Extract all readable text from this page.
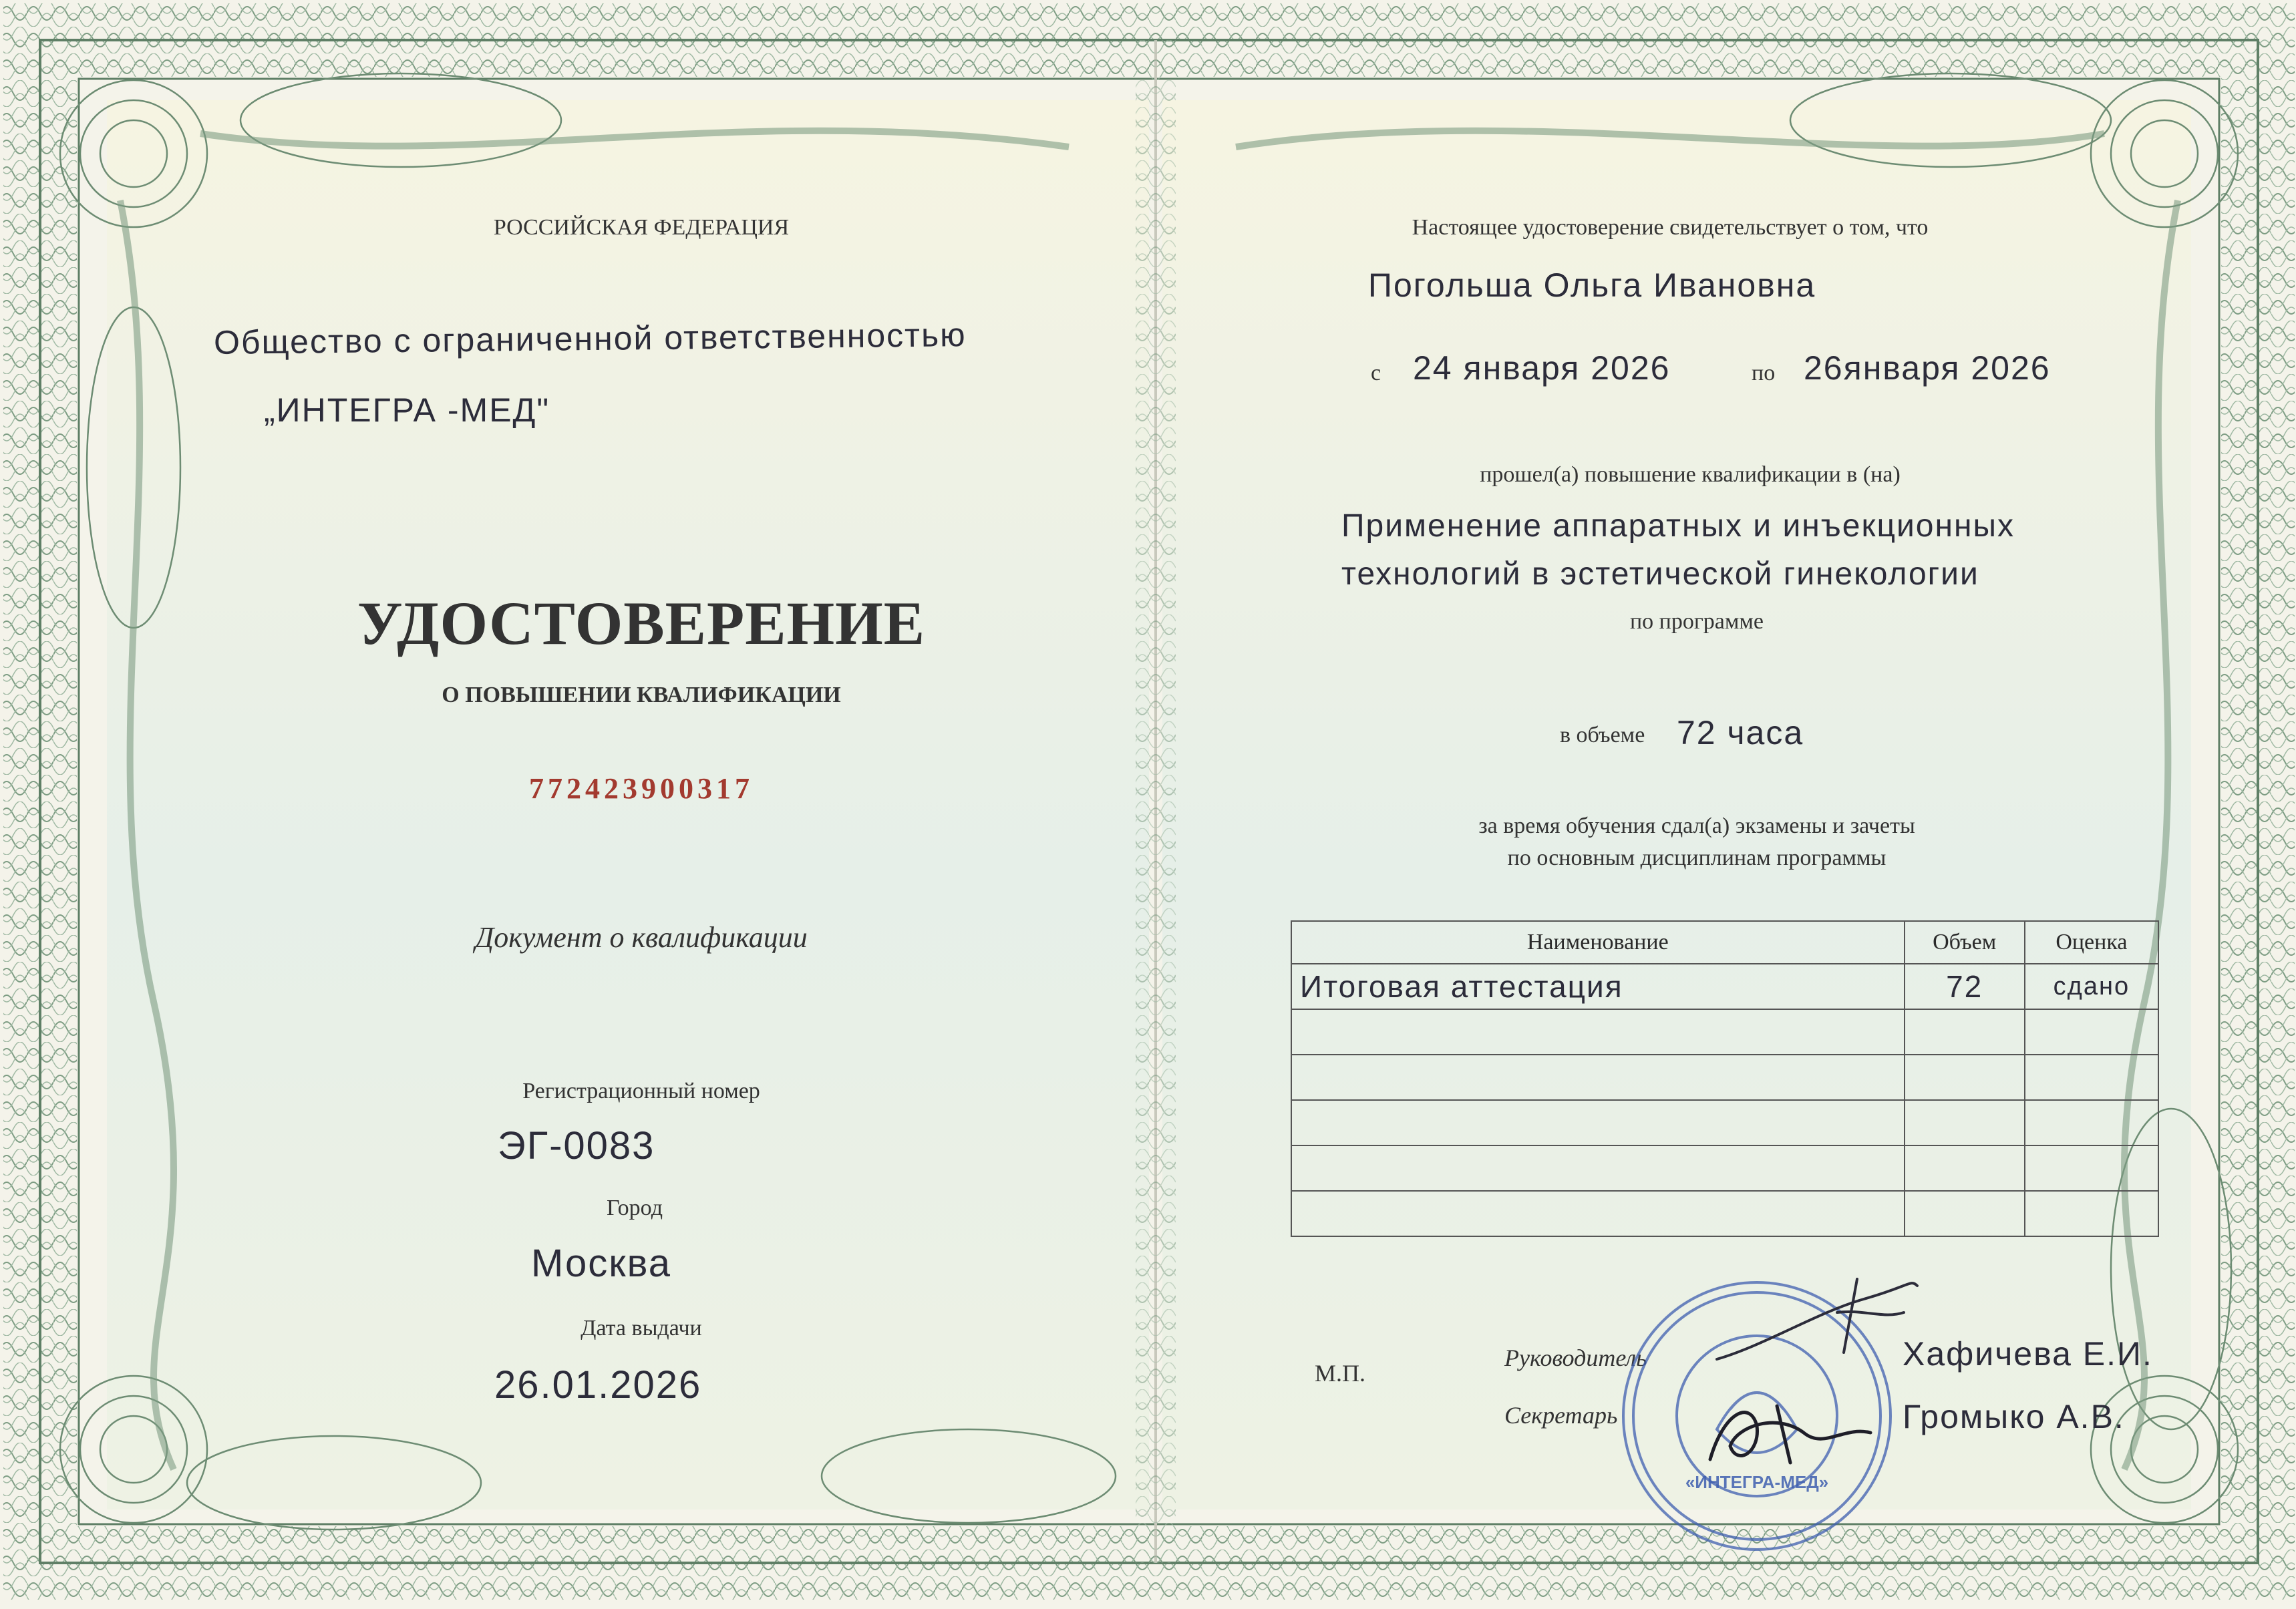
РОССИЙСКАЯ ФЕДЕРАЦИЯ
Общество с ограниченной ответственностью
„ИНТЕГРА -МЕД"
УДОСТОВЕРЕНИЕ
О ПОВЫШЕНИИ КВАЛИФИКАЦИИ
772423900317
Документ о квалификации
Регистрационный номер
ЭГ-0083
Город
Москва
Дата выдачи
26.01.2026
Настоящее удостоверение свидетельствует о том, что
Погольша Ольга Ивановна
с 24 января 2026	по 26января 2026
прошел(а) повышение квалификации в (на)
Применение аппаратных и инъекционных
технологий в эстетической гинекологии
по программе
в объеме 72 часа
за время обучения сдал(а) экзамены и зачеты
по основным дисциплинам программы
Наименование	Объем	Оценка
Итоговая аттестация	72	сдано

М.П.
Руководитель
Секретарь
Хафичева Е.И.
Громыко А.В.
«ИНТЕГРА-МЕД»
